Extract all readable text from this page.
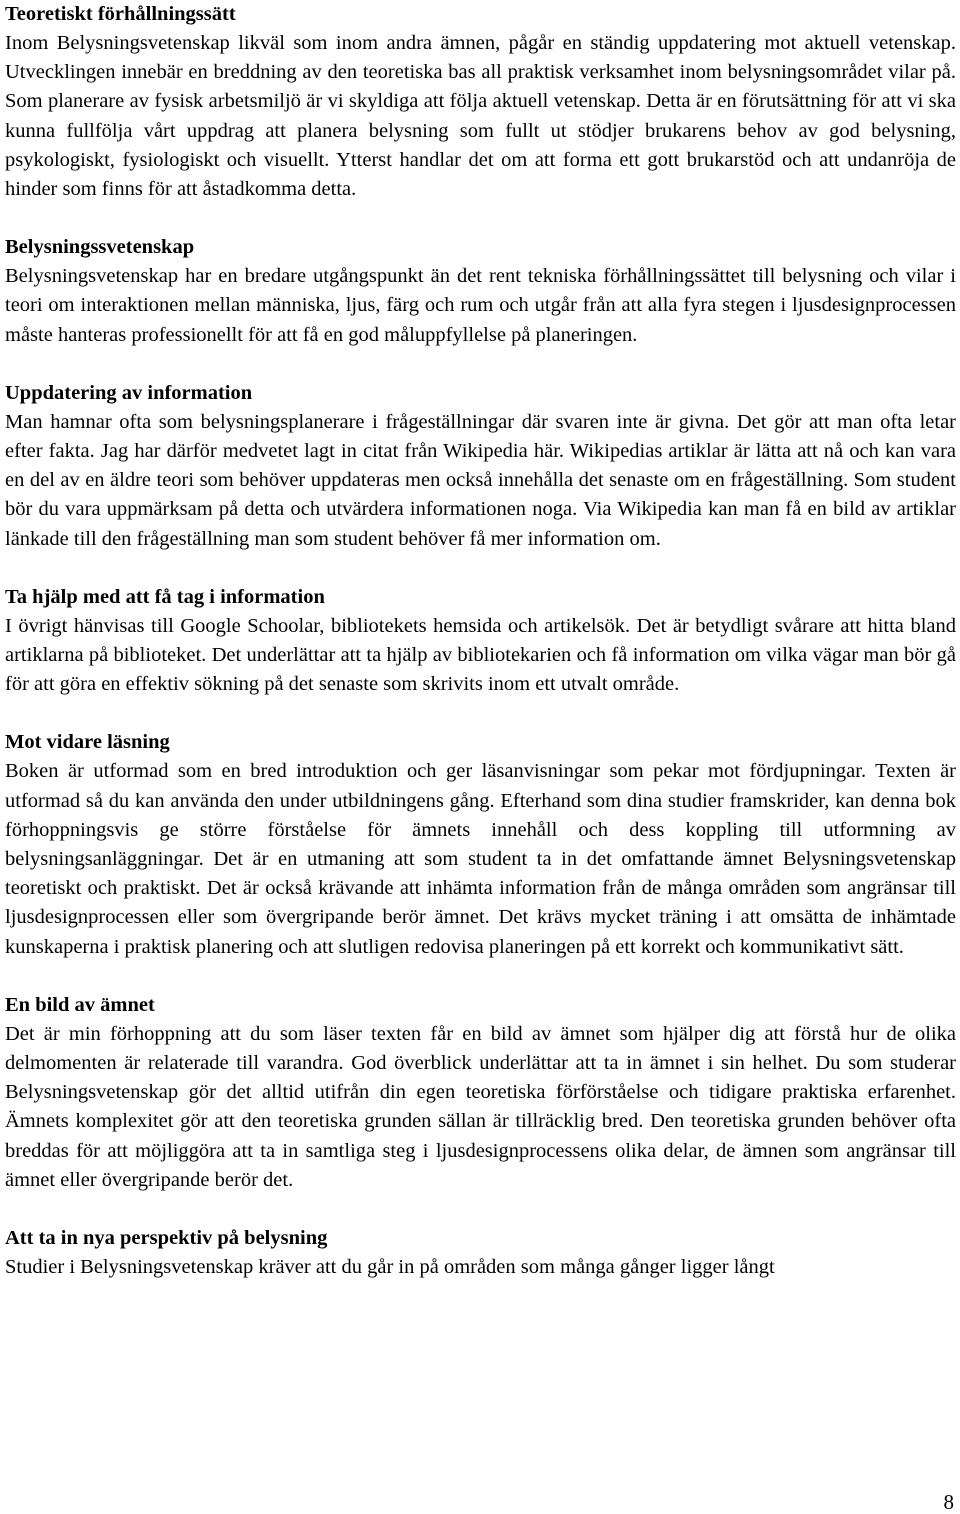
Teoretiskt förhållningssätt
Inom Belysningsvetenskap likväl som inom andra ämnen, pågår en ständig uppdatering mot aktuell vetenskap. Utvecklingen innebär en breddning av den teoretiska bas all praktisk verksamhet inom belysningsområdet vilar på. Som planerare av fysisk arbetsmiljö är vi skyldiga att följa aktuell vetenskap. Detta är en förutsättning för att vi ska kunna fullfölja vårt uppdrag att planera belysning som fullt ut stödjer brukarens behov av god belysning, psykologiskt, fysiologiskt och visuellt. Ytterst handlar det om att forma ett gott brukarstöd och att undanröja de hinder som finns för att åstadkomma detta.
Belysningssvetenskap
Belysningsvetenskap har en bredare utgångspunkt än det rent tekniska förhållningssättet till belysning och vilar i teori om interaktionen mellan människa, ljus, färg och rum och utgår från att alla fyra stegen i ljusdesignprocessen måste hanteras professionellt för att få en god måluppfyllelse på planeringen.
Uppdatering av information
Man hamnar ofta som belysningsplanerare i frågeställningar där svaren inte är givna. Det gör att man ofta letar efter fakta. Jag har därför medvetet lagt in citat från Wikipedia här. Wikipedias artiklar är lätta att nå och kan vara en del av en äldre teori som behöver uppdateras men också innehålla det senaste om en frågeställning. Som student bör du vara uppmärksam på detta och utvärdera informationen noga. Via Wikipedia kan man få en bild av artiklar länkade till den frågeställning man som student behöver få mer information om.
Ta hjälp med att få tag i information
I övrigt hänvisas till Google Schoolar, bibliotekets hemsida och artikelsök. Det är betydligt svårare att hitta bland artiklarna på biblioteket. Det underlättar att ta hjälp av bibliotekarien och få information om vilka vägar man bör gå för att göra en effektiv sökning på det senaste som skrivits inom ett utvalt område.
Mot vidare läsning
Boken är utformad som en bred introduktion och ger läsanvisningar som pekar mot fördjupningar. Texten är utformad så du kan använda den under utbildningens gång. Efterhand som dina studier framskrider, kan denna bok förhoppningsvis ge större förståelse för ämnets innehåll och dess koppling till utformning av belysningsanläggningar. Det är en utmaning att som student ta in det omfattande ämnet Belysningsvetenskap teoretiskt och praktiskt. Det är också krävande att inhämta information från de många områden som angränsar till ljusdesignprocessen eller som övergripande berör ämnet. Det krävs mycket träning i att omsätta de inhämtade kunskaperna i praktisk planering och att slutligen redovisa planeringen på ett korrekt och kommunikativt sätt.
En bild av ämnet
Det är min förhoppning att du som läser texten får en bild av ämnet som hjälper dig att förstå hur de olika delmomenten är relaterade till varandra. God överblick underlättar att ta in ämnet i sin helhet. Du som studerar Belysningsvetenskap gör det alltid utifrån din egen teoretiska förförståelse och tidigare praktiska erfarenhet. Ämnets komplexitet gör att den teoretiska grunden sällan är tillräcklig bred. Den teoretiska grunden behöver ofta breddas för att möjliggöra att ta in samtliga steg i ljusdesignprocessens olika delar, de ämnen som angränsar till ämnet eller övergripande berör det.
Att ta in nya perspektiv på belysning
Studier i Belysningsvetenskap kräver att du går in på områden som många gånger ligger långt
8
